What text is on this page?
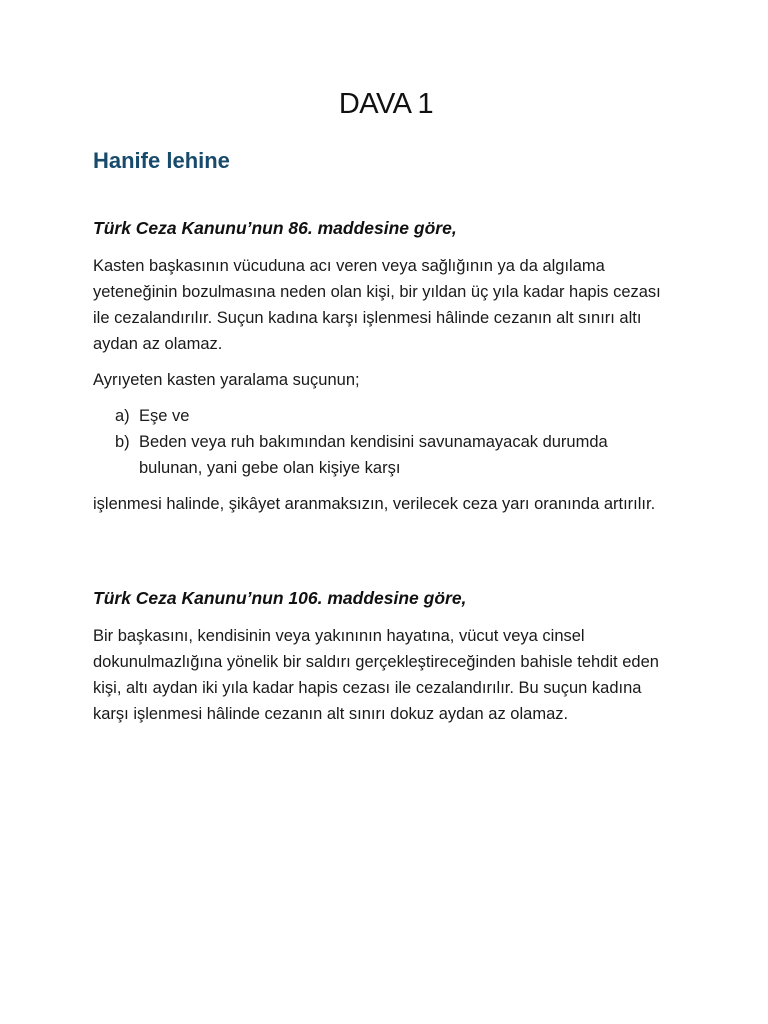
DAVA 1
Hanife lehine

Türk Ceza Kanunu’nun 86. maddesine göre,

Kasten başkasının vücuduna acı veren veya sağlığının ya da algılama yeteneğinin bozulmasına neden olan kişi, bir yıldan üç yıla kadar hapis cezası ile cezalandırılır. Suçun kadına karşı işlenmesi hâlinde cezanın alt sınırı altı aydan az olamaz.

Ayrıyeten kasten yaralama suçunun;

a) Eşe ve
b) Beden veya ruh bakımından kendisini savunamayacak durumda bulunan, yani gebe olan kişiye karşı

işlenmesi halinde, şikâyet aranmaksızın, verilecek ceza yarı oranında artırılır.

Türk Ceza Kanunu’nun 106. maddesine göre,

Bir başkasını, kendisinin veya yakınının hayatına, vücut veya cinsel dokunulmazlığına yönelik bir saldırı gerçekleştireceğinden bahisle tehdit eden kişi, altı aydan iki yıla kadar hapis cezası ile cezalandırılır. Bu suçun kadına karşı işlenmesi hâlinde cezanın alt sınırı dokuz aydan az olamaz.
